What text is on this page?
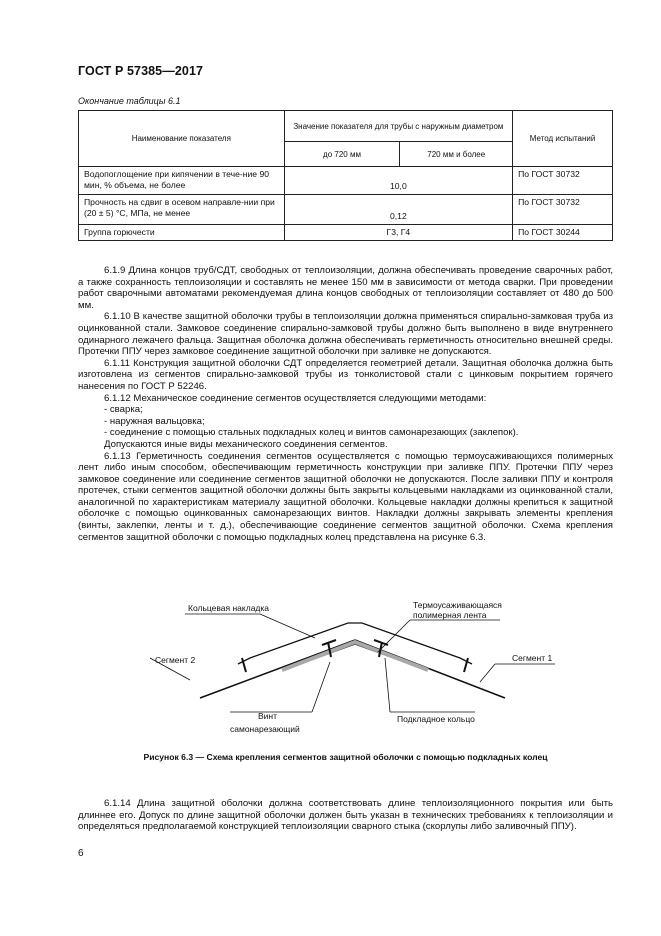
ГОСТ Р 57385—2017
Окончание таблицы 6.1
Наименование показателя	Значение показателя для трубы с наружным диаметром		Метод испытаний
	до 720 мм	720 мм и более	
Водопоглощение при кипячении в тече-ние 90 мин, % объема, не более	10,0		По ГОСТ 30732
Прочность на сдвиг в осевом направле-нии при (20 ± 5) °С, МПа, не менее	0,12		По ГОСТ 30732
Группа горючести	Г3, Г4		По ГОСТ 30244

6.1.9 Длина концов труб/СДТ, свободных от теплоизоляции, должна обеспечивать проведение сварочных работ, а также сохранность теплоизоляции и составлять не менее 150 мм в зависимости от метода сварки. При проведении работ сварочными автоматами рекомендуемая длина концов свободных от теплоизоляции составляет от 480 до 500 мм.

6.1.10 В качестве защитной оболочки трубы в теплоизоляции должна применяться спирально-замковая труба из оцинкованной стали. Замковое соединение спирально-замковой трубы должно быть выполнено в виде внутреннего одинарного лежачего фальца. Защитная оболочка должна обеспечивать герметичность относительно внешней среды. Протечки ППУ через замковое соединение защитной оболочки при заливке не допускаются.

6.1.11 Конструкция защитной оболочки СДТ определяется геометрией детали. Защитная оболочка должна быть изготовлена из сегментов спирально-замковой трубы из тонколистовой стали с цинковым покрытием горячего нанесения по ГОСТ Р 52246.

6.1.12 Механическое соединение сегментов осуществляется следующими методами:

- сварка;

- наружная вальцовка;

- соединение с помощью стальных подкладных колец и винтов самонарезающих (заклепок).

Допускаются иные виды механического соединения сегментов.

6.1.13 Герметичность соединения сегментов осуществляется с помощью термоусаживающихся полимерных лент либо иным способом, обеспечивающим герметичность конструкции при заливке ППУ. Протечки ППУ через замковое соединение или соединение сегментов защитной оболочки не допускаются. После заливки ППУ и контроля протечек, стыки сегментов защитной оболочки должны быть закрыты кольцевыми накладками из оцинкованной стали, аналогичной по характеристикам материалу защитной оболочки. Кольцевые накладки должны крепиться к защитной оболочке с помощью оцинкованных самонарезающих винтов. Накладки должны закрывать элементы крепления (винты, заклепки, ленты и т. д.), обеспечивающие соединение сегментов защитной оболочки. Схема крепления сегментов защитной оболочки с помощью подкладных колец представлена на рисунке 6.3.

Кольцевая накладка	Термоусаживающаяся
полимерная лента
Сегмент 2	Сегмент 1
Винт
самонарезающий
Подкладное кольцо
Рисунок 6.3 — Схема крепления сегментов защитной оболочки с помощью подкладных колец

6.1.14 Длина защитной оболочки должна соответствовать длине теплоизоляционного покрытия или быть длиннее его. Допуск по длине защитной оболочки должен быть указан в технических требованиях к теплоизоляции и определяться предполагаемой конструкцией теплоизоляции сварного стыка (скорлупы либо заливочный ППУ).

6
